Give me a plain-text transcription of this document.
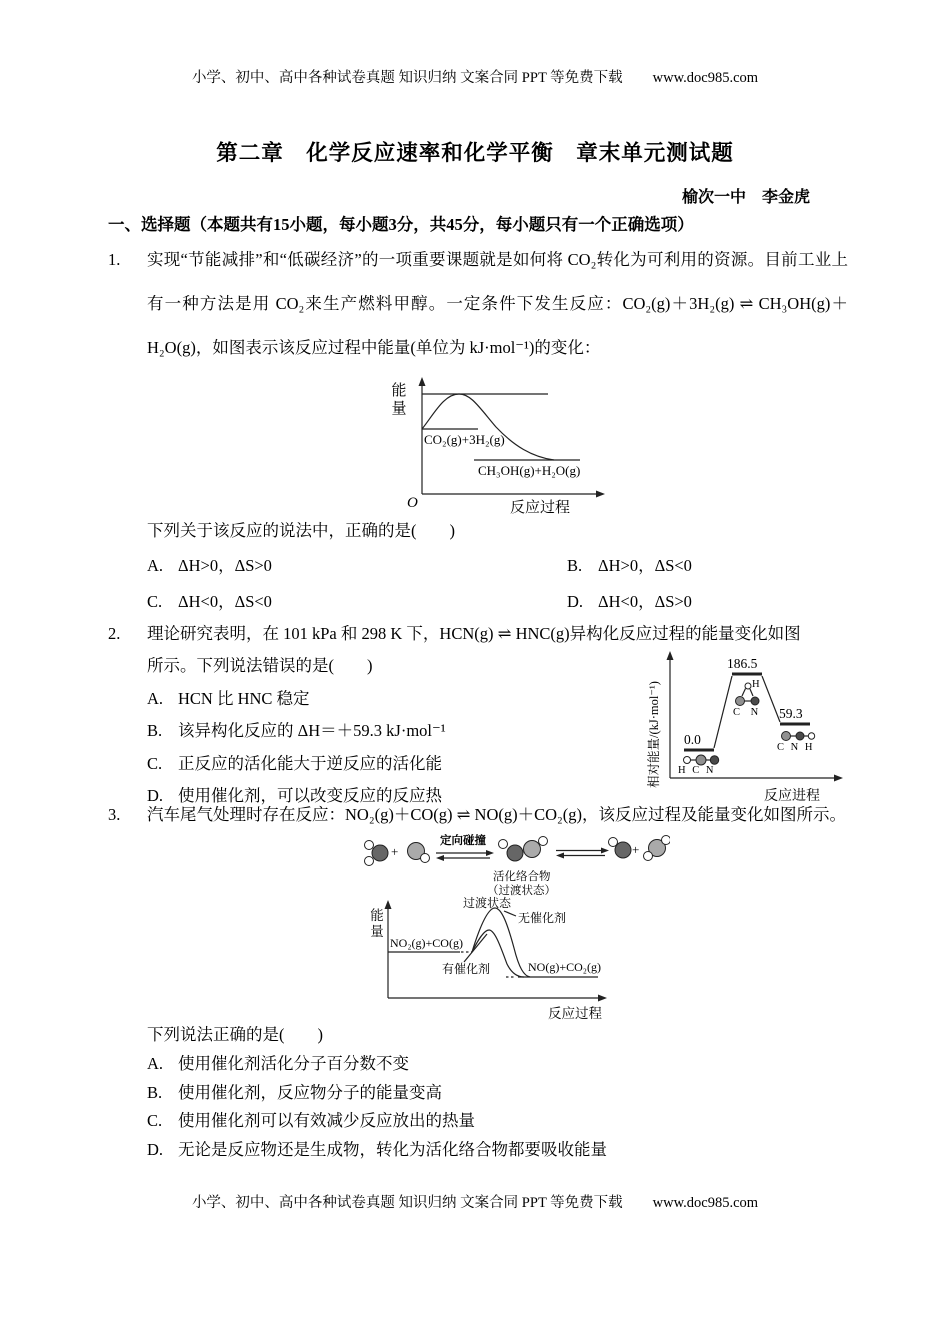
小学、初中、高中各种试卷真题 知识归纳 文案合同 PPT 等免费下载 www.doc985.com
第二章　化学反应速率和化学平衡　章末单元测试题
榆次一中　李金虎
一、选择题（本题共有15小题，每小题3分，共45分，每小题只有一个正确选项）
1.	实现“节能减排”和“低碳经济”的一项重要课题就是如何将 CO₂转化为可利用的资源。目前工业上有一种方法是用 CO₂来生产燃料甲醇。一定条件下发生反应：CO₂(g)＋3H₂(g) ⇌ CH₃OH(g)＋H₂O(g)，如图表示该反应过程中能量(单位为 kJ·mol⁻¹)的变化：
能量
O	反应过程
CO₂(g)+3H₂(g)
CH₃OH(g)+H₂O(g)
下列关于该反应的说法中，正确的是(　　)
A. ΔH>0，ΔS>0	B. ΔH>0，ΔS<0
C. ΔH<0，ΔS<0	D. ΔH<0，ΔS>0
2.	理论研究表明，在 101 kPa 和 298 K 下，HCN(g) ⇌ HNC(g)异构化反应过程的能量变化如图
所示。下列说法错误的是(　　)
A. HCN 比 HNC 稳定
B. 该异构化反应的 ΔH＝＋59.3 kJ·mol⁻¹
C. 正反应的活化能大于逆反应的活化能
D. 使用催化剂，可以改变反应的反应热
相对能量/(kJ·mol⁻¹) 0.0
186.5
59.3
H C N
H
C N
C N H
反应进程
3.	汽车尾气处理时存在反应：NO₂(g)＋CO(g) ⇌ NO(g)＋CO₂(g)，该反应过程及能量变化如图所示。
+
定向碰撞
+
活化络合物
（过渡状态）
能量
过渡状态
无催化剂
NO₂(g)+CO(g)
有催化剂	NO(g)+CO₂(g)
反应过程
下列说法正确的是(　　)
A. 使用催化剂活化分子百分数不变
B. 使用催化剂，反应物分子的能量变高
C. 使用催化剂可以有效减少反应放出的热量
D. 无论是反应物还是生成物，转化为活化络合物都要吸收能量
小学、初中、高中各种试卷真题 知识归纳 文案合同 PPT 等免费下载 www.doc985.com
